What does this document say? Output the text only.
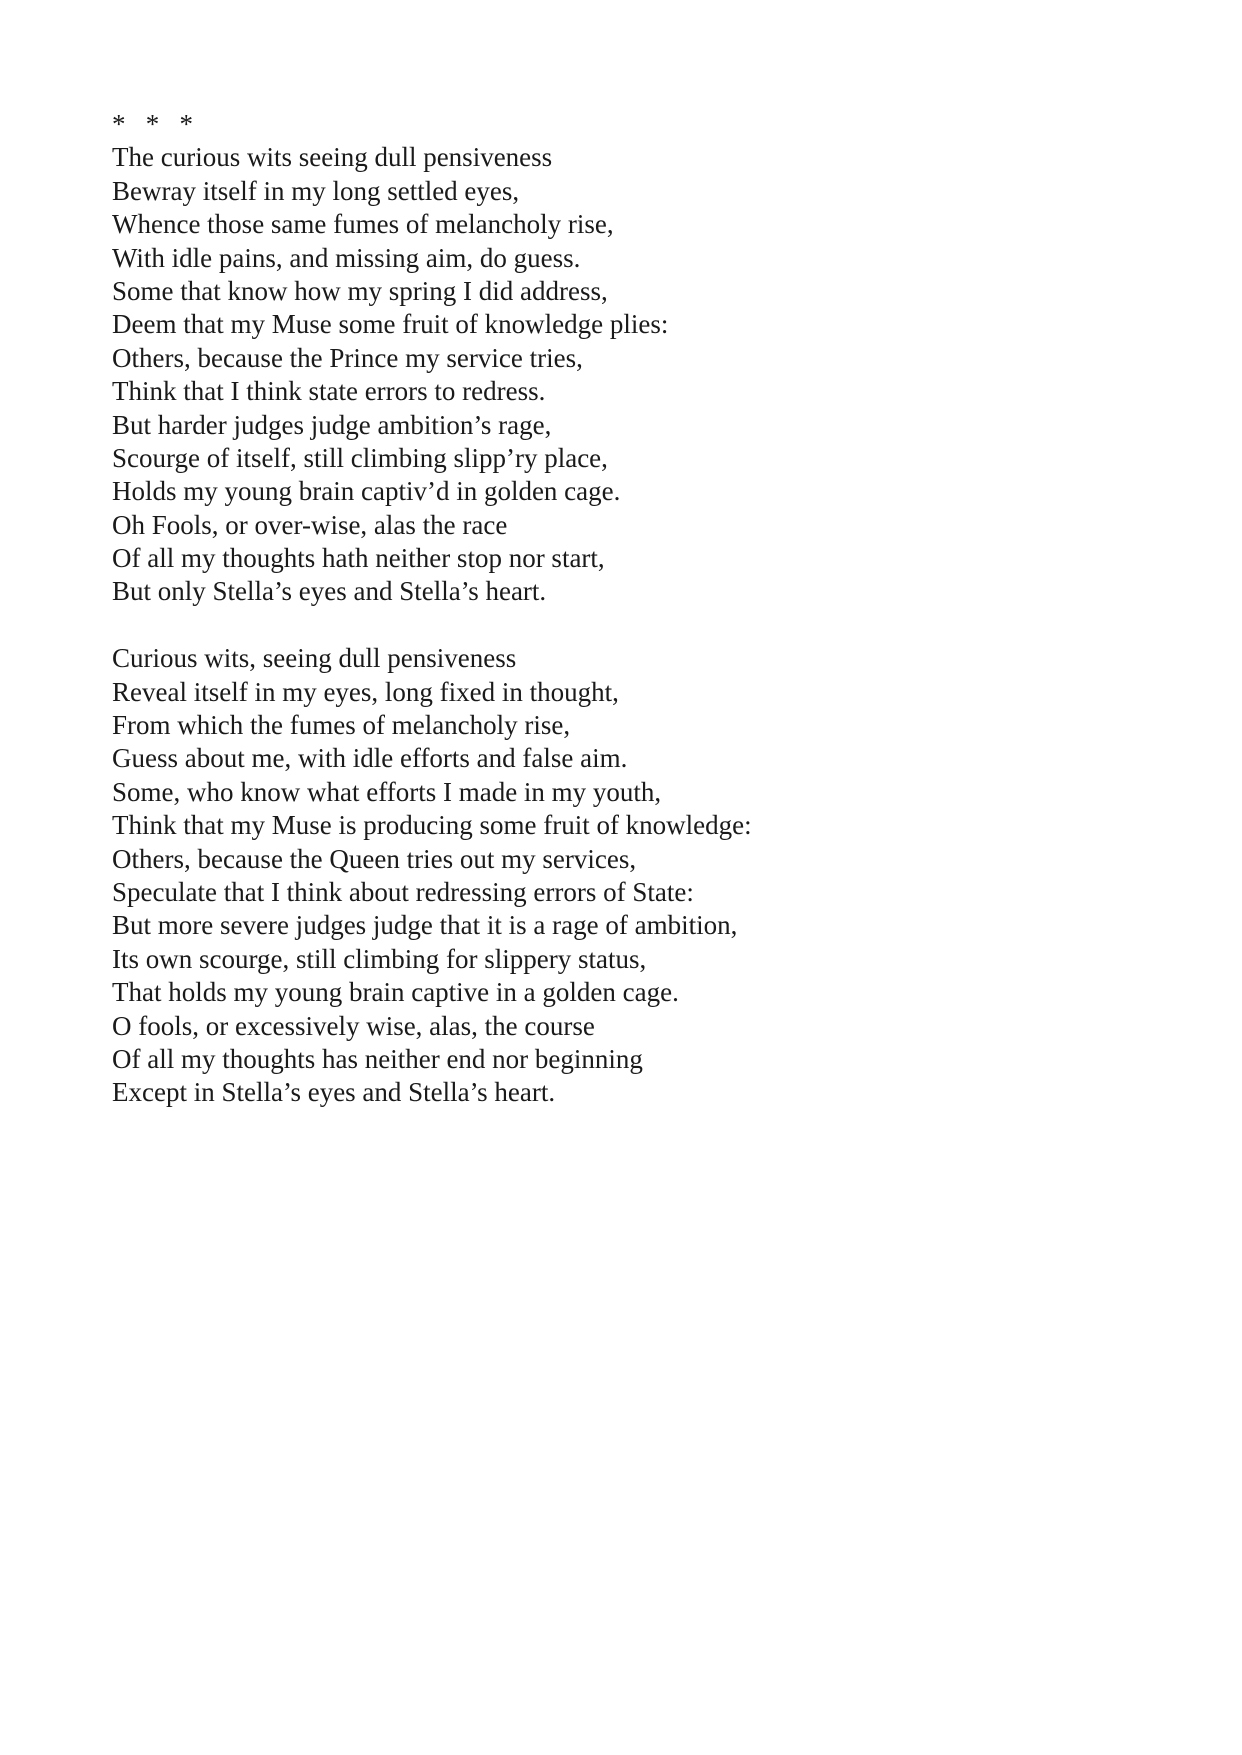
*   *   *
The curious wits seeing dull pensiveness
Bewray itself in my long settled eyes,
Whence those same fumes of melancholy rise,
With idle pains, and missing aim, do guess.
Some that know how my spring I did address,
Deem that my Muse some fruit of knowledge plies:
Others, because the Prince my service tries,
Think that I think state errors to redress.
But harder judges judge ambition’s rage,
Scourge of itself, still climbing slipp’ry place,
Holds my young brain captiv’d in golden cage.
Oh Fools, or over-wise, alas the race
Of all my thoughts hath neither stop nor start,
But only Stella’s eyes and Stella’s heart.
Curious wits, seeing dull pensiveness
Reveal itself in my eyes, long fixed in thought,
From which the fumes of melancholy rise,
Guess about me, with idle efforts and false aim.
Some, who know what efforts I made in my youth,
Think that my Muse is producing some fruit of knowledge:
Others, because the Queen tries out my services,
Speculate that I think about redressing errors of State:
But more severe judges judge that it is a rage of ambition,
Its own scourge, still climbing for slippery status,
That holds my young brain captive in a golden cage.
O fools, or excessively wise, alas, the course
Of all my thoughts has neither end nor beginning
Except in Stella’s eyes and Stella’s heart.
